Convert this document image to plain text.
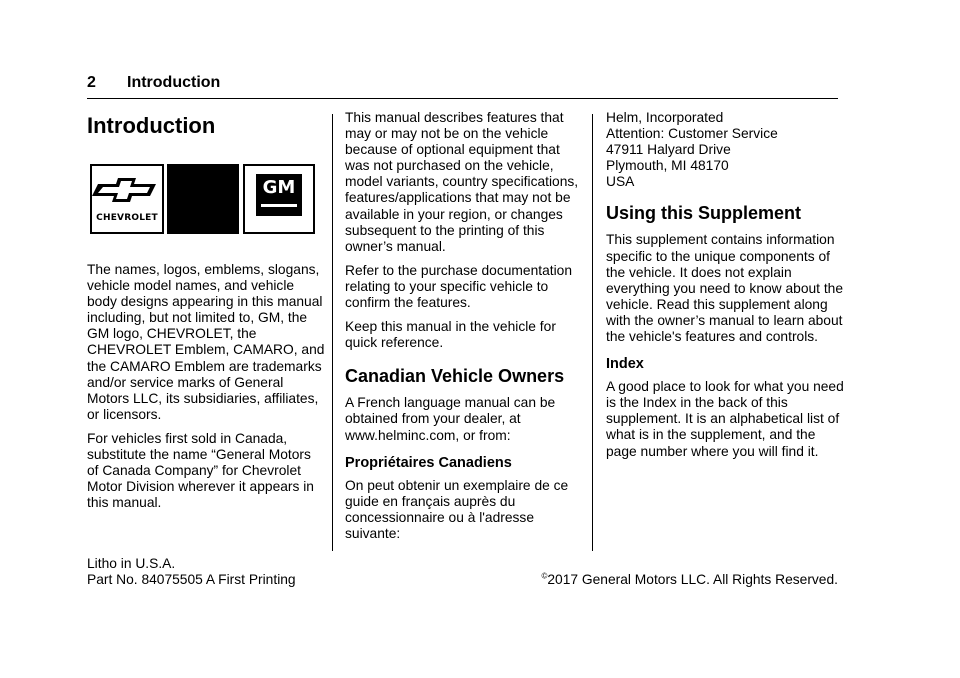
2 Introduction
Introduction
CHEVROLET
GM

The names, logos, emblems, slogans, vehicle model names, and vehicle body designs appearing in this manual including, but not limited to, GM, the GM logo, CHEVROLET, the CHEVROLET Emblem, CAMARO, and the CAMARO Emblem are trademarks and/or service marks of General Motors LLC, its subsidiaries, affiliates, or licensors.

For vehicles first sold in Canada, substitute the name “General Motors of Canada Company” for Chevrolet Motor Division wherever it appears in this manual.

This manual describes features that may or may not be on the vehicle because of optional equipment that was not purchased on the vehicle, model variants, country specifications, features/applications that may not be available in your region, or changes subsequent to the printing of this owner’s manual.

Refer to the purchase documentation relating to your specific vehicle to confirm the features.

Keep this manual in the vehicle for quick reference.

Canadian Vehicle Owners

A French language manual can be obtained from your dealer, at www.helminc.com, or from:

Propriétaires Canadiens

On peut obtenir un exemplaire de ce guide en français auprès du concessionnaire ou à l'adresse suivante:

Helm, Incorporated
Attention: Customer Service
47911 Halyard Drive
Plymouth, MI 48170
USA
Using this Supplement

This supplement contains information specific to the unique components of the vehicle. It does not explain everything you need to know about the vehicle. Read this supplement along with the owner’s manual to learn about the vehicle's features and controls.

Index

A good place to look for what you need is the Index in the back of this supplement. It is an alphabetical list of what is in the supplement, and the page number where you will find it.

Litho in U.S.A.
Part No. 84075505 A First Printing	©2017 General Motors LLC. All Rights Reserved.
